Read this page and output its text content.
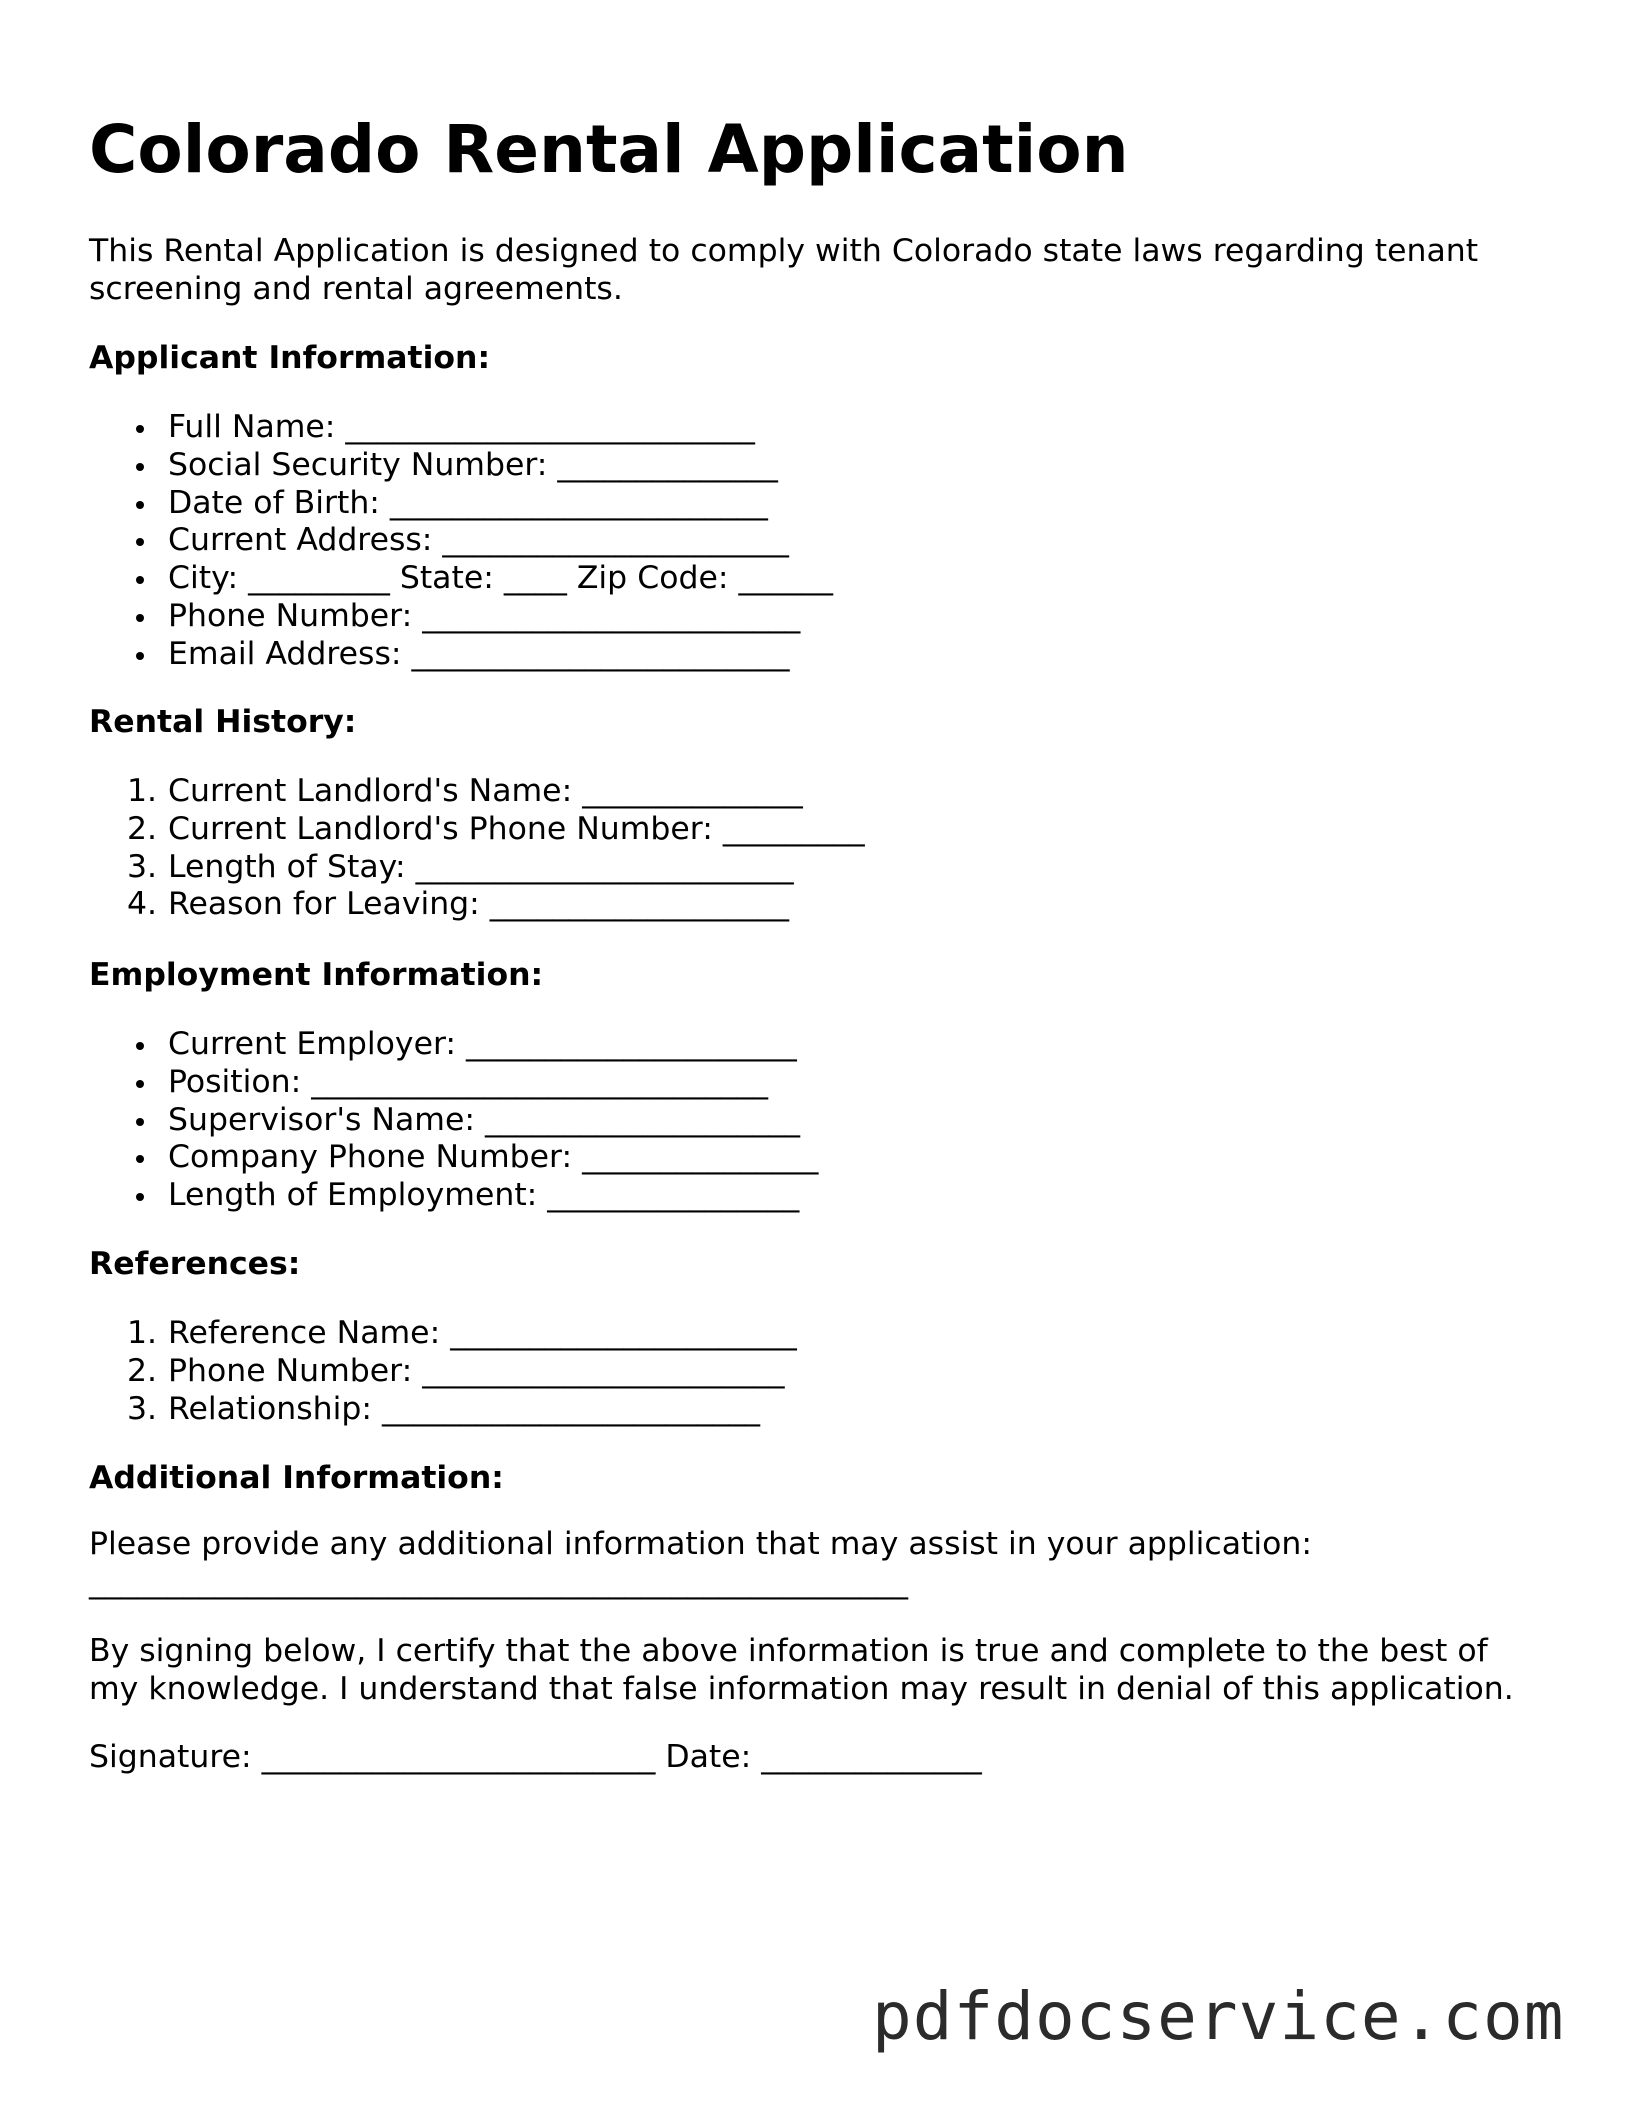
Colorado Rental Application

This Rental Application is designed to comply with Colorado state laws regarding tenant
screening and rental agreements.

Applicant Information:
Full Name: __________________________
Social Security Number: ______________
Date of Birth: ________________________
Current Address: ______________________
City: _________ State: ____ Zip Code: ______
Phone Number: ________________________
Email Address: ________________________
Rental History:
1. Current Landlord's Name: ______________
2. Current Landlord's Phone Number: _________
3. Length of Stay: ________________________
4. Reason for Leaving: ___________________
Employment Information:
Current Employer: _____________________
Position: _____________________________
Supervisor's Name: ____________________
Company Phone Number: _______________
Length of Employment: ________________
References:
1. Reference Name: ______________________
2. Phone Number: _______________________
3. Relationship: ________________________
Additional Information:

Please provide any additional information that may assist in your application:
____________________________________________________

By signing below, I certify that the above information is true and complete to the best of
my knowledge. I understand that false information may result in denial of this application.

Signature: _________________________ Date: ______________

pdfdocservice.com
